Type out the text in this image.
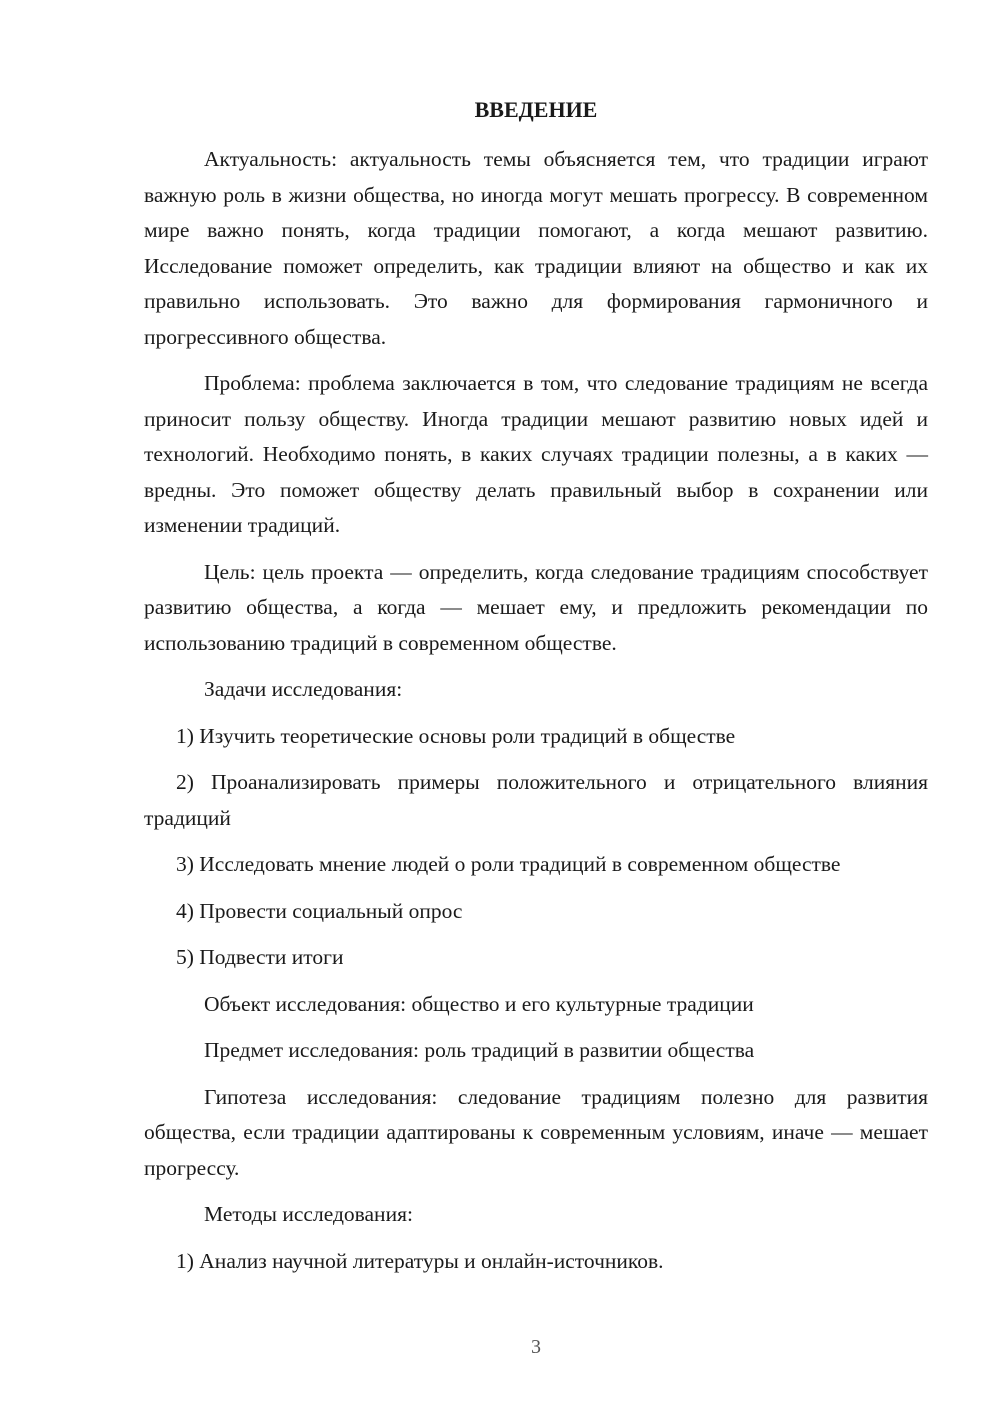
ВВЕДЕНИЕ

Актуальность: актуальность темы объясняется тем, что традиции играют важную роль в жизни общества, но иногда могут мешать прогрессу. В современном мире важно понять, когда традиции помогают, а когда мешают развитию. Исследование поможет определить, как традиции влияют на общество и как их правильно использовать. Это важно для формирования гармоничного и прогрессивного общества.

Проблема: проблема заключается в том, что следование традициям не всегда приносит пользу обществу. Иногда традиции мешают развитию новых идей и технологий. Необходимо понять, в каких случаях традиции полезны, а в каких — вредны. Это поможет обществу делать правильный выбор в сохранении или изменении традиций.

Цель: цель проекта — определить, когда следование традициям способствует развитию общества, а когда — мешает ему, и предложить рекомендации по использованию традиций в современном обществе.

Задачи исследования:

1) Изучить теоретические основы роли традиций в обществе

2) Проанализировать примеры положительного и отрицательного влияния традиций

3) Исследовать мнение людей о роли традиций в современном обществе

4) Провести социальный опрос

5) Подвести итоги

Объект исследования: общество и его культурные традиции

Предмет исследования: роль традиций в развитии общества

Гипотеза исследования: следование традициям полезно для развития общества, если традиции адаптированы к современным условиям, иначе — мешает прогрессу.

Методы исследования:

1) Анализ научной литературы и онлайн-источников.

3
